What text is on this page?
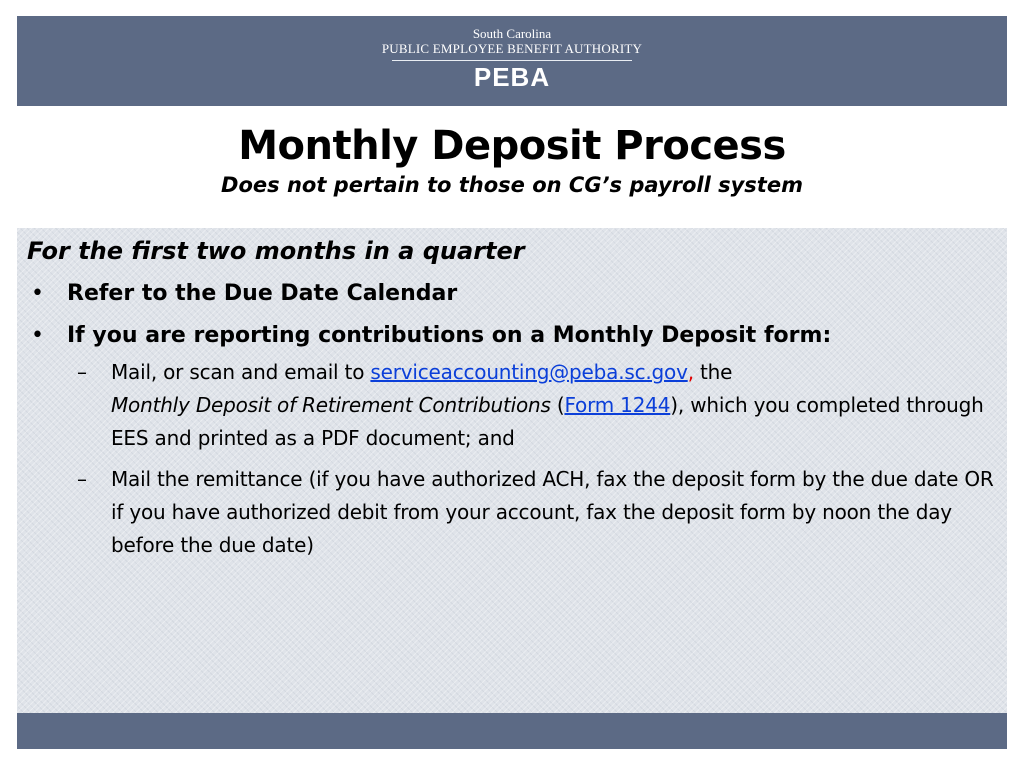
South Carolina
PUBLIC EMPLOYEE BENEFIT AUTHORITY
PEBA
Monthly Deposit Process

Does not pertain to those on CG’s payroll system

For the first two months in a quarter

• Refer to the Due Date Calendar
• If you are reporting contributions on a Monthly Deposit form:
– Mail, or scan and email to serviceaccounting@peba.sc.gov, the
Monthly Deposit of Retirement Contributions (Form 1244), which you completed through EES and printed as a PDF document; and
– Mail the remittance (if you have authorized ACH, fax the deposit form by the due date OR if you have authorized debit from your account, fax the deposit form by noon the day before the due date)
